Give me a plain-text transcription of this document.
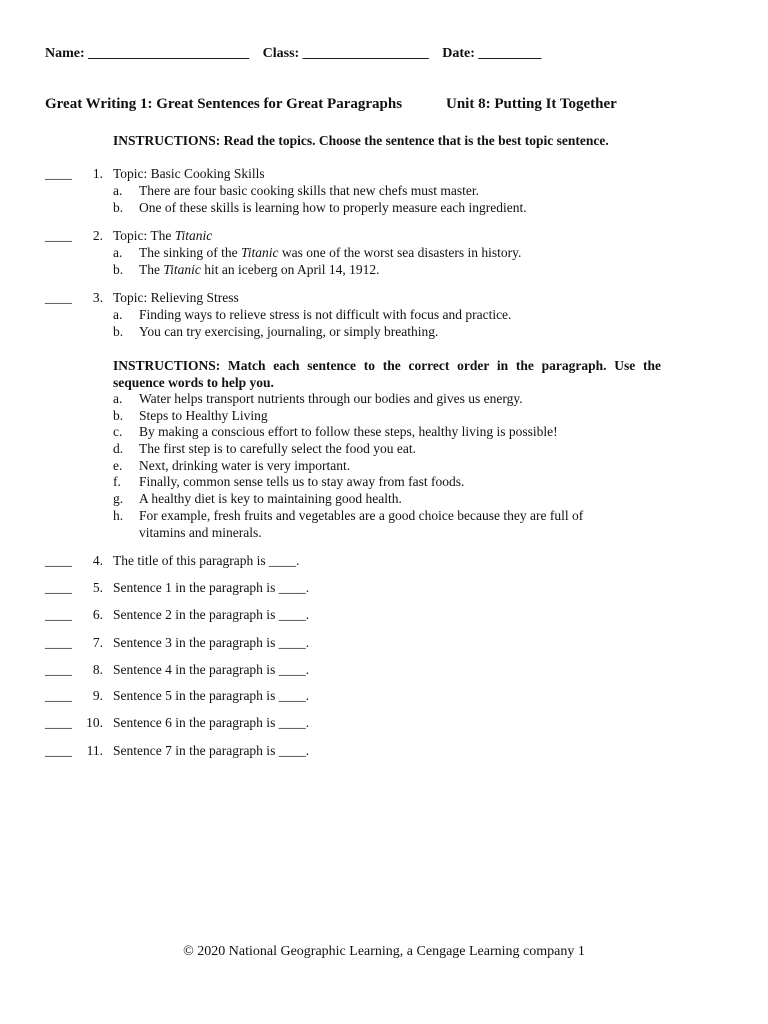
Name: _______________________ Class: __________________ Date: _________
Great Writing 1: Great Sentences for Great Paragraphs	Unit 8: Putting It Together
INSTRUCTIONS: Read the topics. Choose the sentence that is the best topic sentence.
____	1. Topic: Basic Cooking Skills
a. There are four basic cooking skills that new chefs must master.
b. One of these skills is learning how to properly measure each ingredient.
____	2. Topic: The Titanic
a. The sinking of the Titanic was one of the worst sea disasters in history.
b. The Titanic hit an iceberg on April 14, 1912.
____	3. Topic: Relieving Stress
a. Finding ways to relieve stress is not difficult with focus and practice.
b. You can try exercising, journaling, or simply breathing.
INSTRUCTIONS: Match each sentence to the correct order in the paragraph. Use the sequence words to help you.
a. Water helps transport nutrients through our bodies and gives us energy.
b. Steps to Healthy Living
c. By making a conscious effort to follow these steps, healthy living is possible!
d. The first step is to carefully select the food you eat.
e. Next, drinking water is very important.
f. Finally, common sense tells us to stay away from fast foods.
g. A healthy diet is key to maintaining good health.
h. For example, fresh fruits and vegetables are a good choice because they are full of
vitamins and minerals.
____	4. The title of this paragraph is ____.
____	5. Sentence 1 in the paragraph is ____.
____	6. Sentence 2 in the paragraph is ____.
____	7. Sentence 3 in the paragraph is ____.
____	8. Sentence 4 in the paragraph is ____.
____	9. Sentence 5 in the paragraph is ____.
____	10. Sentence 6 in the paragraph is ____.
____	11. Sentence 7 in the paragraph is ____.
© 2020 National Geographic Learning, a Cengage Learning company 1
